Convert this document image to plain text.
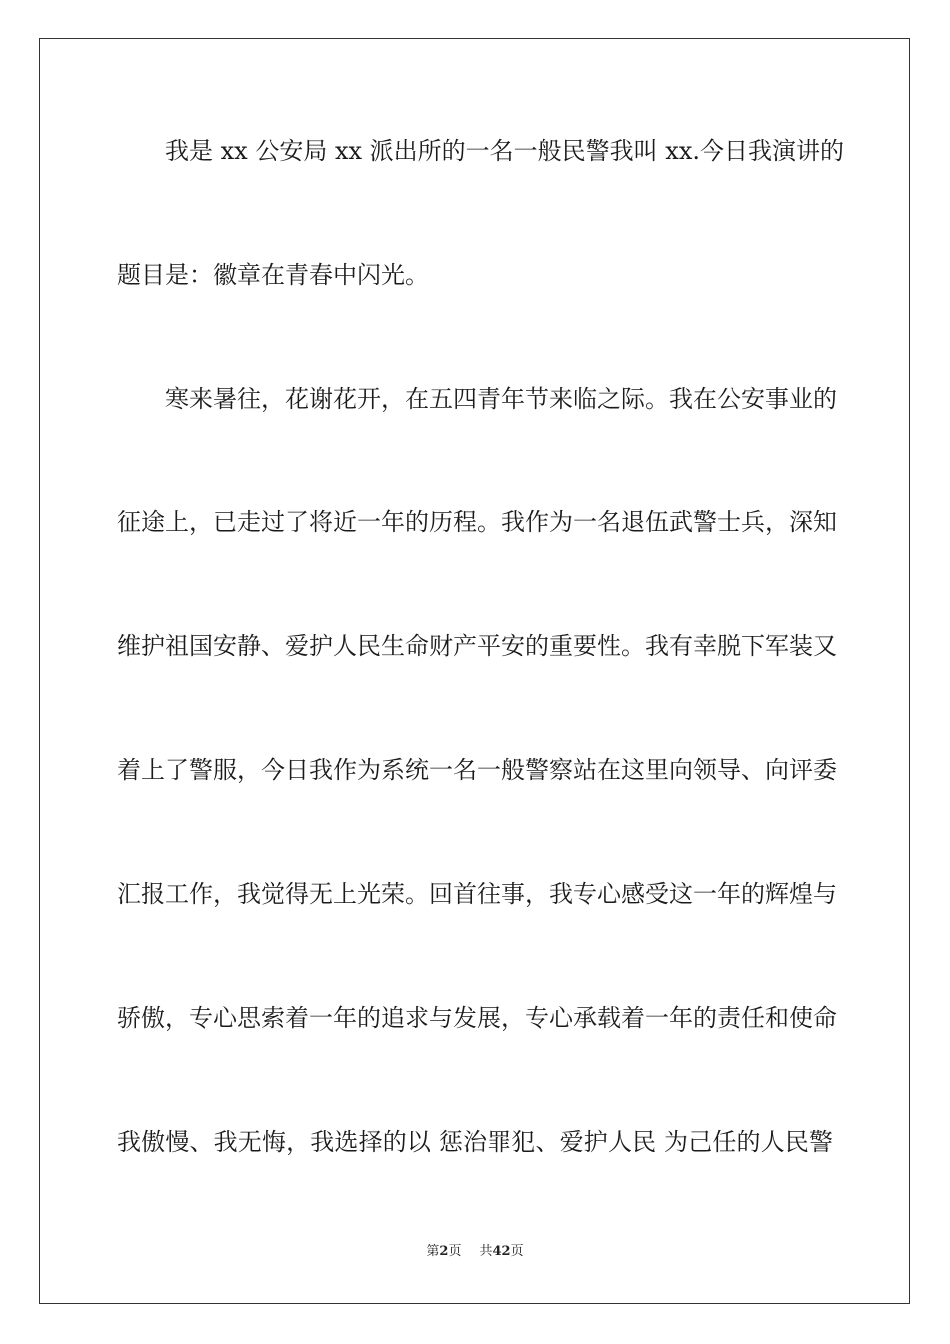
我是 xx 公安局 xx 派出所的一名一般民警我叫 xx.今日我演讲的
题目是：徽章在青春中闪光。
寒来暑往，花谢花开，在五四青年节来临之际。我在公安事业的
征途上，已走过了将近一年的历程。我作为一名退伍武警士兵，深知
维护祖国安静、爱护人民生命财产平安的重要性。我有幸脱下军装又
着上了警服，今日我作为系统一名一般警察站在这里向领导、向评委
汇报工作，我觉得无上光荣。回首往事，我专心感受这一年的辉煌与
骄傲，专心思索着一年的追求与发展，专心承载着一年的责任和使命
我傲慢、我无悔，我选择的以 惩治罪犯、爱护人民 为己任的人民警
第2页 共42页
